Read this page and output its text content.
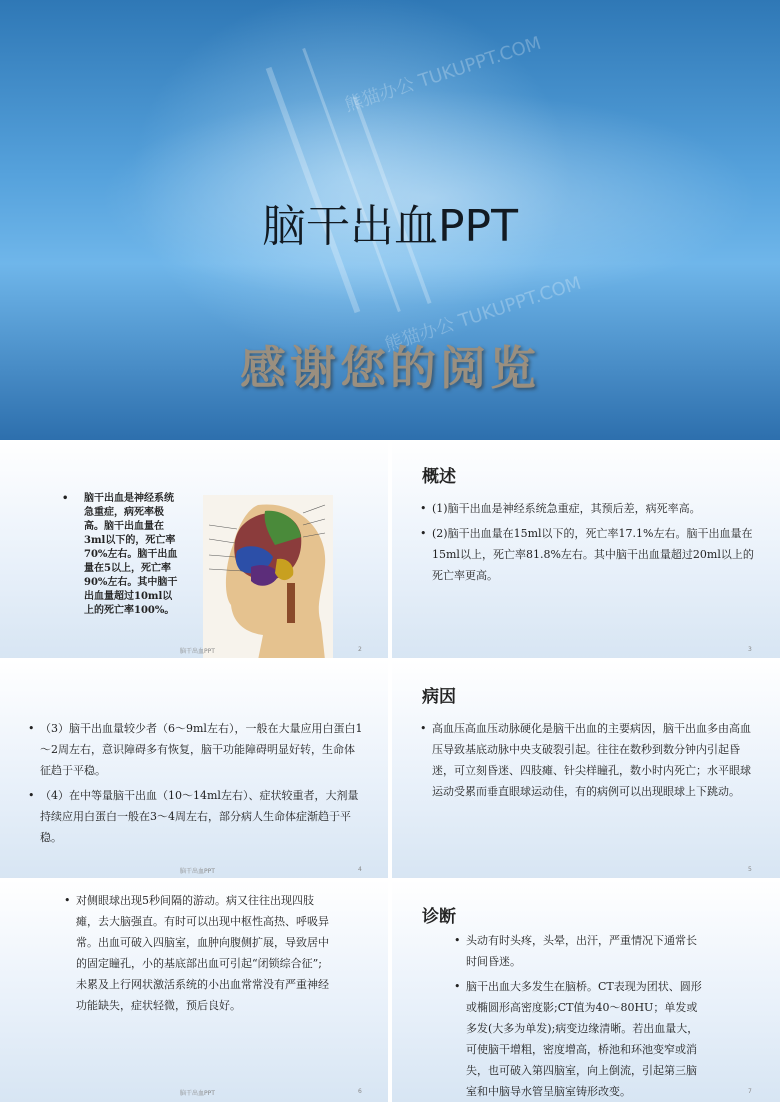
熊猫办公 TUKUPPT.COM
熊猫办公 TUKUPPT.COM
脑干出血PPT
感谢您的阅览
• 脑干出血是神经系统急重症，病死率极高。脑干出血量在3ml以下的，死亡率70%左右。脑干出血量在5以上，死亡率90%左右。其中脑干出血量超过10ml以上的死亡率100%。
脑干出血PPT	2
概述
• (1)脑干出血是神经系统急重症，其预后差，病死率高。
• (2)脑干出血量在15ml以下的，死亡率17.1%左右。脑干出血量在15ml以上，死亡率81.8%左右。其中脑干出血量超过20ml以上的死亡率更高。
3
• （3）脑干出血量较少者（6～9ml左右），一般在大量应用白蛋白1～2周左右，意识障碍多有恢复，脑干功能障碍明显好转，生命体征趋于平稳。
• （4）在中等量脑干出血（10～14ml左右）、症状较重者，大剂量持续应用白蛋白一般在3～4周左右，部分病人生命体症渐趋于平稳。
脑干出血PPT	4
病因
• 高血压高血压动脉硬化是脑干出血的主要病因，脑干出血多由高血压导致基底动脉中央支破裂引起。往往在数秒到数分钟内引起昏迷，可立刻昏迷、四肢瘫、针尖样瞳孔，数小时内死亡；水平眼球运动受累而垂直眼球运动佳，有的病例可以出现眼球上下跳动。
5
• 对侧眼球出现5秒间隔的游动。病又往往出现四肢瘫，去大脑强直。有时可以出现中枢性高热、呼吸异常。出血可破入四脑室，血肿向腹侧扩展，导致居中的固定瞳孔，小的基底部出血可引起“闭锁综合征”;未累及上行网状激活系统的小出血常常没有严重神经功能缺失，症状轻微，预后良好。
脑干出血PPT	6
诊断
• 头动有时头疼，头晕，出汗，严重情况下通常长时间昏迷。
• 脑干出血大多发生在脑桥。CT表现为团状、圆形或椭圆形高密度影;CT值为40～80HU；单发或多发(大多为单发);病变边缘清晰。若出血量大，可使脑干增粗，密度增高，桥池和环池变窄或消失，也可破入第四脑室，向上倒流，引起第三脑室和中脑导水管呈脑室铸形改变。	7
